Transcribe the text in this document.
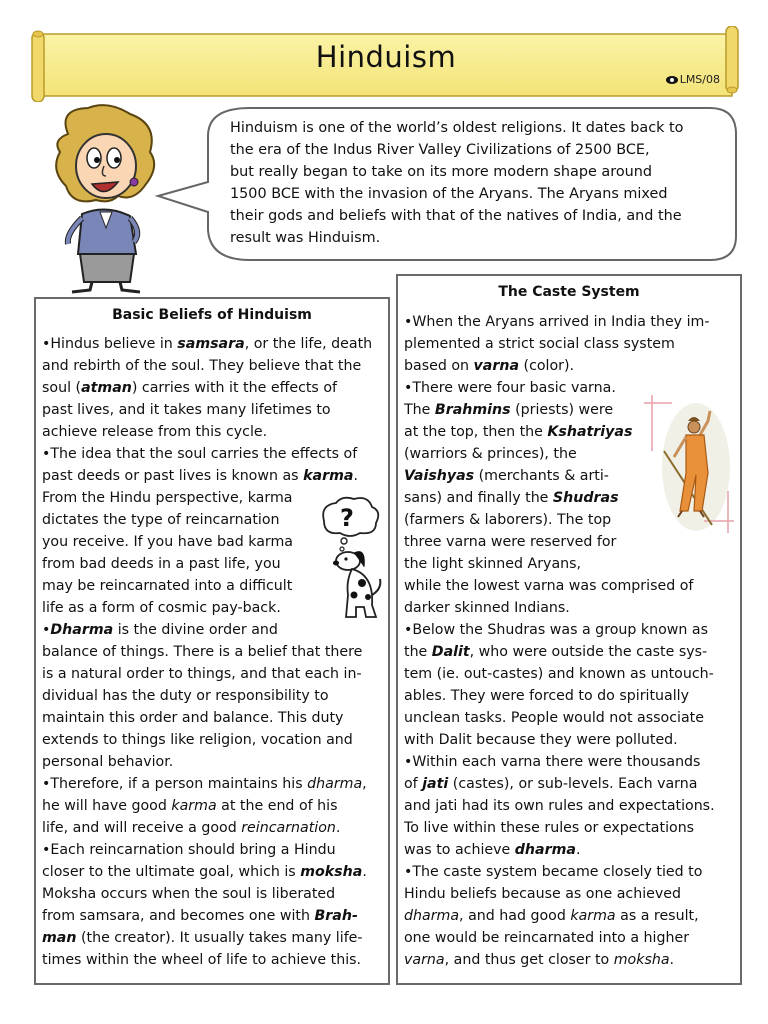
Hinduism
LMS/08
Hinduism is one of the world’s oldest religions. It dates back to
the era of the Indus River Valley Civilizations of 2500 BCE,
but really began to take on its more modern shape around
1500 BCE with the invasion of the Aryans. The Aryans mixed
their gods and beliefs with that of the natives of India, and the
result was Hinduism.
Basic Beliefs of Hinduism
•Hindus believe in samsara, or the life, death
and rebirth of the soul. They believe that the
soul (atman) carries with it the effects of
past lives, and it takes many lifetimes to
achieve release from this cycle.
•The idea that the soul carries the effects of
past deeds or past lives is known as karma.
From the Hindu perspective, karma
dictates the type of reincarnation
you receive. If you have bad karma
from bad deeds in a past life, you
may be reincarnated into a difficult
life as a form of cosmic pay-back.
•Dharma is the divine order and
balance of things. There is a belief that there
is a natural order to things, and that each in-
dividual has the duty or responsibility to
maintain this order and balance. This duty
extends to things like religion, vocation and
personal behavior.
•Therefore, if a person maintains his dharma,
he will have good karma at the end of his
life, and will receive a good reincarnation.
•Each reincarnation should bring a Hindu
closer to the ultimate goal, which is moksha.
Moksha occurs when the soul is liberated
from samsara, and becomes one with Brah-
man (the creator). It usually takes many life-
times within the wheel of life to achieve this.
?
The Caste System
•When the Aryans arrived in India they im-
plemented a strict social class system
based on varna (color).
•There were four basic varna.
The Brahmins (priests) were
at the top, then the Kshatriyas
(warriors & princes), the
Vaishyas (merchants & arti-
sans) and finally the Shudras
(farmers & laborers). The top
three varna were reserved for
the light skinned Aryans,
while the lowest varna was comprised of
darker skinned Indians.
•Below the Shudras was a group known as
the Dalit, who were outside the caste sys-
tem (ie. out-castes) and known as untouch-
ables. They were forced to do spiritually
unclean tasks. People would not associate
with Dalit because they were polluted.
•Within each varna there were thousands
of jati (castes), or sub-levels. Each varna
and jati had its own rules and expectations.
To live within these rules or expectations
was to achieve dharma.
•The caste system became closely tied to
Hindu beliefs because as one achieved
dharma, and had good karma as a result,
one would be reincarnated into a higher
varna, and thus get closer to moksha.
